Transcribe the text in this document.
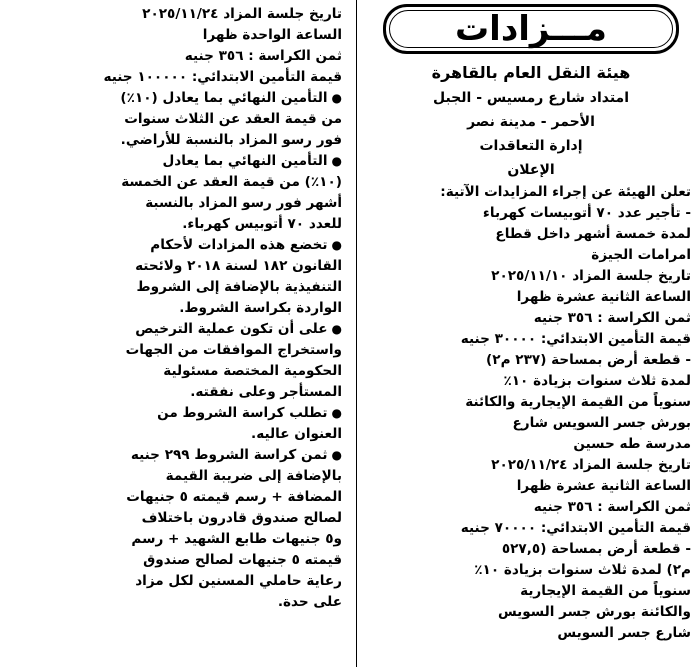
مـــزادات
هيئة النقل العام بالقاهرة
امتداد شارع رمسيس - الجبل
الأحمر - مدينة نصر
إدارة التعاقدات
الإعلان
تعلن الهيئة عن إجراء المزايدات الآتية:
- تأجير عدد ٧٠ أتوبيسات كهرباء
لمدة خمسة أشهر داخل قطاع
امرامات الجيزة
تاريخ جلسة المزاد ٢٠٢٥/١١/١٠
الساعة الثانية عشرة ظهرا
ثمن الكراسة : ٣٥٦ جنيه
قيمة التأمين الابتدائي: ٣٠٠٠٠ جنيه
- قطعة أرض بمساحة (٢٣٧ م٢)
لمدة ثلاث سنوات بزيادة ١٠٪
سنوياً من القيمة الإيجارية والكائنة
بورش جسر السويس شارع
مدرسة طه حسين
تاريخ جلسة المزاد ٢٠٢٥/١١/٢٤
الساعة الثانية عشرة ظهرا
ثمن الكراسة : ٣٥٦ جنيه
قيمة التأمين الابتدائي: ٧٠٠٠٠ جنيه
- قطعة أرض بمساحة (٥٢٧,٥
م٢) لمدة ثلاث سنوات بزيادة ١٠٪
سنوياً من القيمة الإيجارية
والكائنة بورش جسر السويس
شارع جسر السويس
تاريخ جلسة المزاد ٢٠٢٥/١١/٢٤
الساعة الواحدة ظهرا
ثمن الكراسة : ٣٥٦ جنيه
قيمة التأمين الابتدائي: ١٠٠٠٠٠ جنيه
● التأمين النهائي بما يعادل (١٠٪)
من قيمة العقد عن الثلاث سنوات
فور رسو المزاد بالنسبة للأراضي.
● التأمين النهائي بما يعادل
(١٠٪) من قيمة العقد عن الخمسة
أشهر فور رسو المزاد بالنسبة
للعدد ٧٠ أتوبيس كهرباء.
● تخضع هذه المزادات لأحكام
القانون ١٨٢ لسنة ٢٠١٨ ولائحته
التنفيذية بالإضافة إلى الشروط
الواردة بكراسة الشروط.
● على أن تكون عملية الترخيص
واستخراج الموافقات من الجهات
الحكومية المختصة مسئولية
المستأجر وعلى نفقته.
● تطلب كراسة الشروط من
العنوان عاليه.
● ثمن كراسة الشروط ٢٩٩ جنيه
بالإضافة إلى ضريبة القيمة
المضافة + رسم قيمته ٥ جنيهات
لصالح صندوق قادرون باختلاف
و٥ جنيهات طابع الشهيد + رسم
قيمته ٥ جنيهات لصالح صندوق
رعاية حاملي المسنين لكل مزاد
على حدة.
